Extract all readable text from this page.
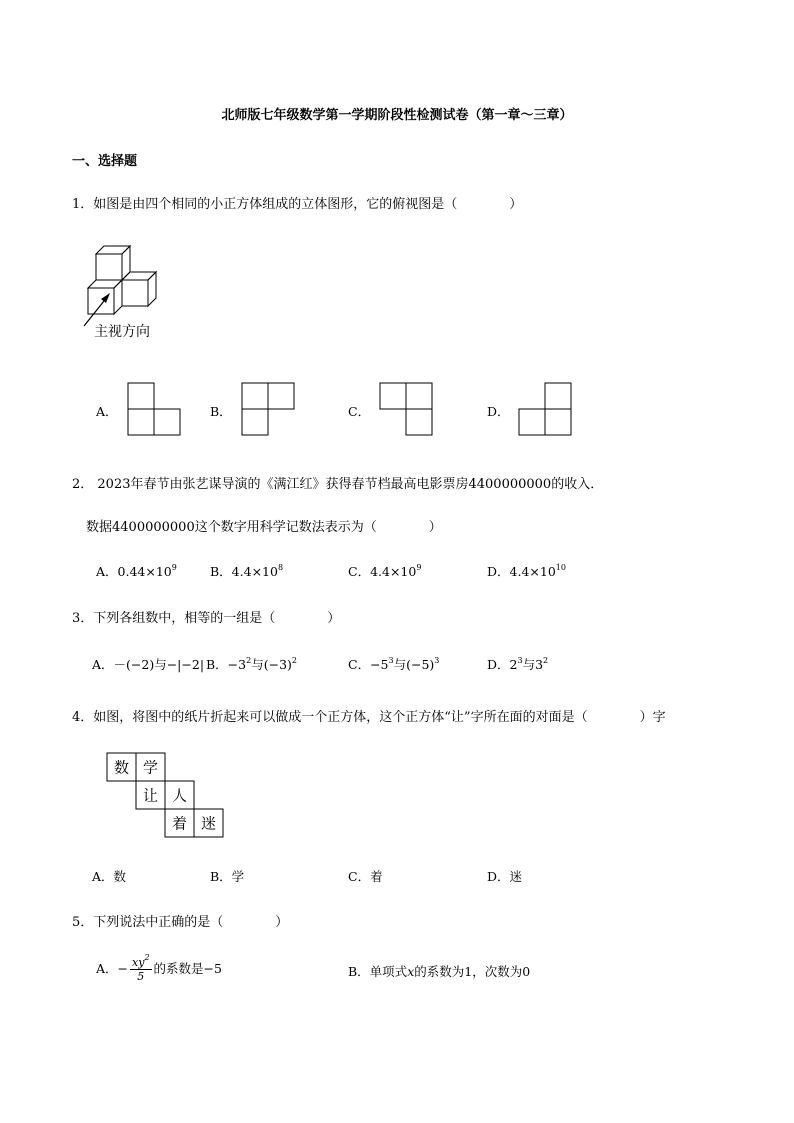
北师版七年级数学第一学期阶段性检测试卷（第一章～三章）
一、选择题
1．如图是由四个相同的小正方体组成的立体图形，它的俯视图是（　　　　）
主视方向
A．	B．	C．	D．
2． 2023年春节由张艺谋导演的《满江红》获得春节档最高电影票房4400000000的收入．
数据4400000000这个数字用科学记数法表示为（　　　　）
A．$0.44\times 10^9$	B．$4.4\times 10^8$	C．$4.4\times 10^9$	D．$4.4\times 10^{10}$
3．下列各组数中，相等的一组是（　　　　）
A．－(−2)与−|−2| B．$-3^2$与$(-3)^2$	C．$-5^3$与$(-5)^3$	D．$2^3$与$3^2$
4．如图，将图中的纸片折起来可以做成一个正方体，这个正方体“让”字所在面的对面是（　　　　）字
数 学
让 人
着 迷
A．数	B．学	C．着	D．迷
5．下列说法中正确的是（　　　　）
A．− $\frac{xy^2}{5}$ 的系数是−5	B．单项式x的系数为1，次数为0
